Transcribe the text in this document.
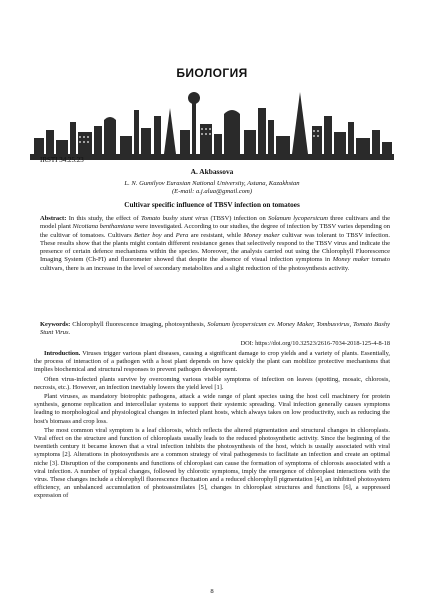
БИОЛОГИЯ
IRSTI 34.25.23
A. Akbassova
L. N. Gumilyov Eurasian National University, Astana, Kazakhstan
(E-mail: a.j.alua@gmail.com)
Cultivar specific influence of TBSV infection on tomatoes
Abstract: In this study, the effect of Tomato bushy stunt virus (TBSV) infection on Solanum lycopersicum three cultivars and the model plant Nicotiana benthamiana were investigated. According to our studies, the degree of infection by TBSV varies depending on the cultivar of tomatoes. Cultivars Better boy and Pera are resistant, while Money maker cultivar was tolerant to TBSV infection. These results show that the plants might contain different resistance genes that selectively respond to the TBSV virus and indicate the presence of certain defence mechanisms within the species. Moreover, the analysis carried out using the Chlorophyll Fluorescence Imaging System (Ch-FI) and fluorometer showed that despite the absence of visual infection symptoms in Money maker tomato cultivars, there is an increase in the level of secondary metabolites and a slight reduction of the photosynthesis activity.
Keywords: Chlorophyll fluorescence imaging, photosynthesis, Solanum lycopersicum cv. Money Maker, Tombusvirus, Tomato Bushy Stunt Virus.
DOI: https://doi.org/10.32523/2616-7034-2018-125-4-8-18

Introduction. Viruses trigger various plant diseases, causing a significant damage to crop yields and a variety of plants. Essentially, the process of interaction of a pathogen with a host plant depends on how quickly the plant can mobilize protective mechanisms that implies biochemical and structural responses to prevent pathogen development.

Often virus-infected plants survive by overcoming various visible symptoms of infection on leaves (spotting, mosaic, chlorosis, necrosis, etc.). However, an infection inevitably lowers the yield level [1].

Plant viruses, as mandatory biotrophic pathogens, attack a wide range of plant species using the host cell machinery for protein synthesis, genome replication and intercellular systems to support their systemic spreading. Viral infection generally causes symptoms leading to morphological and physiological changes in infected plant hosts, which always takes on low productivity, such as reducing the host's biomass and crop loss.

The most common viral symptom is a leaf chlorosis, which reflects the altered pigmentation and structural changes in chloroplasts. Viral effect on the structure and function of chloroplasts usually leads to the reduced photosynthetic activity. Since the beginning of the twentieth century it became known that a viral infection inhibits the photosynthesis of the host, which is usually associated with viral symptoms [2]. Alterations in photosynthesis are a common strategy of viral pathogenesis to facilitate an infection and create an optimal niche [3]. Disruption of the components and functions of chloroplast can cause the formation of symptoms of chlorosis associated with a viral infection. A number of typical changes, followed by chlorotic symptoms, imply the emergence of chloroplast interactions with the virus. These changes include a chlorophyll fluorescence fluctuation and a reduced chlorophyll pigmentation [4], an inhibited photosystem efficiency, an unbalanced accumulation of photoassimilates [5], changes in chloroplast structures and functions [6], a suppressed expression of

8
